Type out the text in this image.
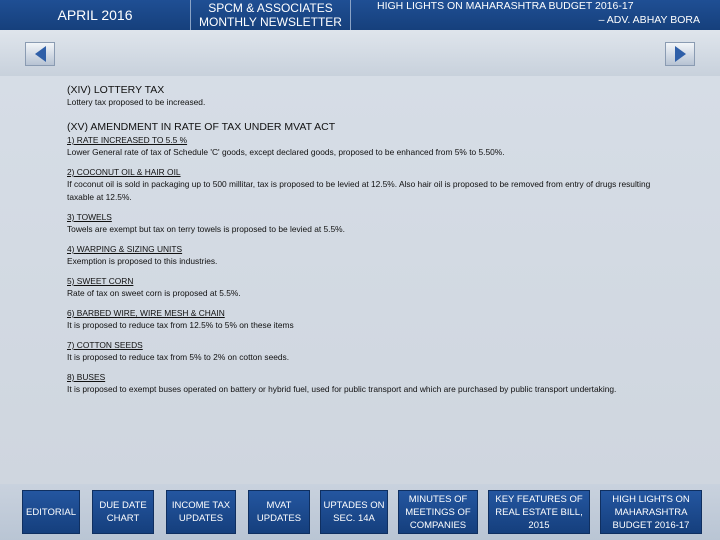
APRIL 2016	SPCM & ASSOCIATES
MONTHLY NEWSLETTER
HIGH LIGHTS ON MAHARASHTRA BUDGET 2016-17
– ADV. ABHAY BORA
(XIV) LOTTERY TAX
Lottery tax proposed to be increased.
(XV) AMENDMENT IN RATE OF TAX UNDER MVAT ACT
1) RATE INCREASED TO 5.5 %
Lower General rate of tax of Schedule 'C' goods, except declared goods, proposed to be enhanced from 5% to 5.50%.
2) COCONUT OIL & HAIR OIL
If coconut oil is sold in packaging up to 500 millitar, tax is proposed to be levied at 12.5%. Also hair oil is proposed to be removed from entry of drugs resulting taxable at 12.5%.
3) TOWELS
Towels are exempt but tax on terry towels is proposed to be levied at 5.5%.
4) WARPING & SIZING UNITS
Exemption is proposed to this industries.
5) SWEET CORN
Rate of tax on sweet corn is proposed at 5.5%.
6) BARBED WIRE, WIRE MESH & CHAIN
It is proposed to reduce tax from 12.5% to 5% on these items
7) COTTON SEEDS
It is proposed to reduce tax from 5% to 2% on cotton seeds.
8) BUSES
It is proposed to exempt buses operated on battery or hybrid fuel, used for public transport and which are purchased by public transport undertaking.
EDITORIAL
DUE DATE CHART
INCOME TAX UPDATES
MVAT UPDATES
UPTADES ON SEC. 14A
MINUTES OF MEETINGS OF COMPANIES
KEY FEATURES OF REAL ESTATE BILL, 2015
HIGH LIGHTS ON MAHARASHTRA BUDGET 2016-17
